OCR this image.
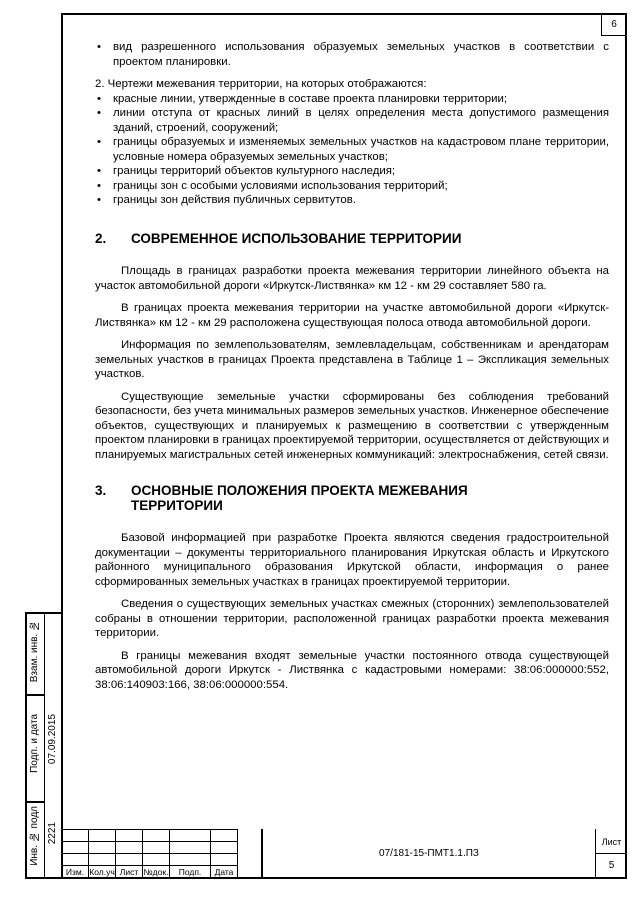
6

• вид разрешенного использования образуемых земельных участков в соответствии с проектом планировки.

2. Чертежи межевания территории, на которых отображаются:

• красные линии, утвержденные в составе проекта планировки территории;

• линии отступа от красных линий в целях определения места допустимого размещения зданий, строений, сооружений;

• границы образуемых и изменяемых земельных участков на кадастровом плане территории, условные номера образуемых земельных участков;

• границы территорий объектов культурного наследия;

• границы зон с особыми условиями использования территорий;

• границы зон действия публичных сервитутов.

2.	СОВРЕМЕННОЕ ИСПОЛЬЗОВАНИЕ ТЕРРИТОРИИ

Площадь в границах разработки проекта межевания территории линейного объекта на участок автомобильной дороги «Иркутск-Листвянка» км 12 - км 29 составляет 580 га.

В границах проекта межевания территории на участке автомобильной дороги «Иркутск-Листвянка» км 12 - км 29 расположена существующая полоса отвода автомобильной дороги.

Информация по землепользователям, землевладельцам, собственникам и арендаторам земельных участков в границах Проекта представлена в Таблице 1 – Экспликация земельных участков.

Существующие земельные участки сформированы без соблюдения требований безопасности, без учета минимальных размеров земельных участков. Инженерное обеспечение объектов, существующих и планируемых к размещению в соответствии с утвержденным проектом планировки в границах проектируемой территории, осуществляется от действующих и планируемых магистральных сетей инженерных коммуникаций: электроснабжения, сетей связи.

3.	ОСНОВНЫЕ ПОЛОЖЕНИЯ ПРОЕКТА МЕЖЕВАНИЯ ТЕРРИТОРИИ

Базовой информацией при разработке Проекта являются сведения градостроительной документации – документы территориального планирования Иркутская область и Иркутского районного муниципального образования Иркутской области, информация о ранее сформированных земельных участках в границах проектируемой территории.

Сведения о существующих земельных участках смежных (сторонних) землепользователей собраны в отношении территории, расположенной границах разработки проекта межевания территории.

В границы межевания входят земельные участки постоянного отвода существующей автомобильной дороги Иркутск - Листвянка с кадастровыми номерами: 38:06:000000:552, 38:06:140903:166, 38:06:000000:554.

Взам. инв. №
Подп. и дата
Инв. № подл
07.09.2015
2221

Изм.	Кол.уч	Лист	№док.	Подп.	Дата
07/181-15-ПМТ1.1.ПЗ
Лист
5
